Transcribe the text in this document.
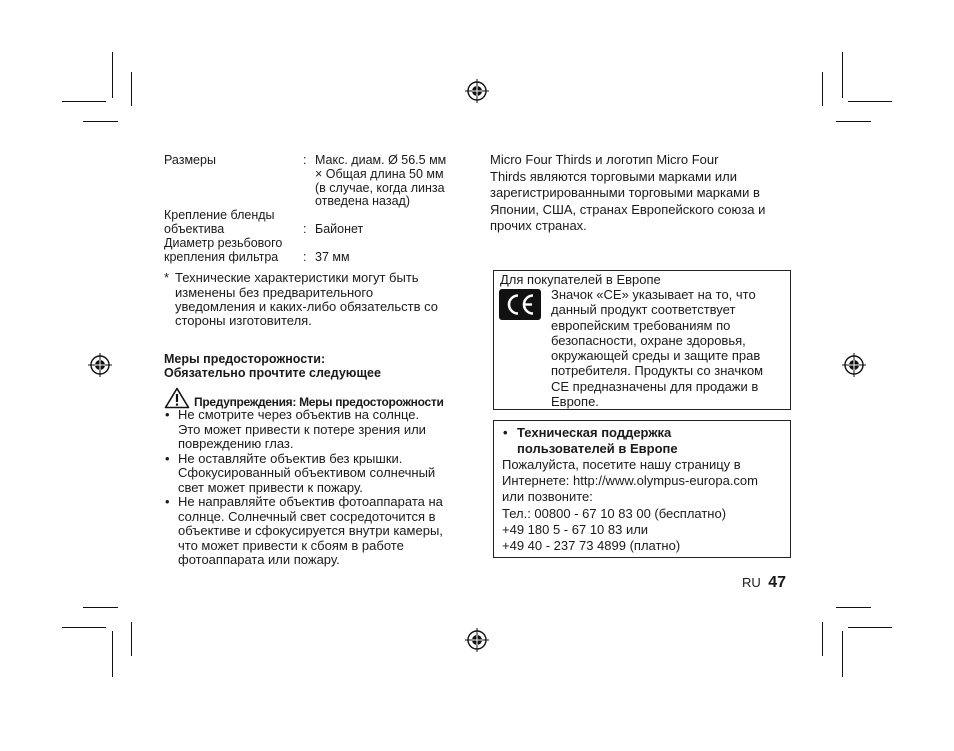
Размеры	: Макс. диам. Ø 56.5 мм
× Общая длина 50 мм
(в случае, когда линза
отведена назад)
Крепление бленды
объектива	: Байонет
Диаметр резьбового
крепления фильтра : 37 мм
* Технические характеристики могут быть
изменены без предварительного
уведомления и каких-либо обязательств со
стороны изготовителя.
Меры предосторожности:
Обязательно прочтите следующее
Предупреждения: Меры предосторожности
• Не смотрите через объектив на солнце.
Это может привести к потере зрения или
повреждению глаз.
• Не оставляйте объектив без крышки.
Сфокусированный объективом солнечный
свет может привести к пожару.
• Не направляйте объектив фотоаппарата на
солнце. Солнечный свет сосредоточится в
объективе и сфокусируется внутри камеры,
что может привести к сбоям в работе
фотоаппарата или пожару.
Micro Four Thirds и логотип Micro Four
Thirds являются торговыми марками или
зарегистрированными торговыми марками в
Японии, США, странах Европейского союза и
прочих странах.
Для покупателей в Европе
Значок «CE» указывает на то, что
данный продукт соответствует
европейским требованиям по
безопасности, охране здоровья,
окружающей среды и защите прав
потребителя. Продукты со значком
CE предназначены для продажи в
Европе.
• Техническая поддержка
пользователей в Европе
Пожалуйста, посетите нашу страницу в
Интернете: http://www.olympus-europa.com
или позвоните:
Тел.: 00800 - 67 10 83 00 (бесплатно)
+49 180 5 - 67 10 83 или
+49 40 - 237 73 4899 (платно)
RU 47
